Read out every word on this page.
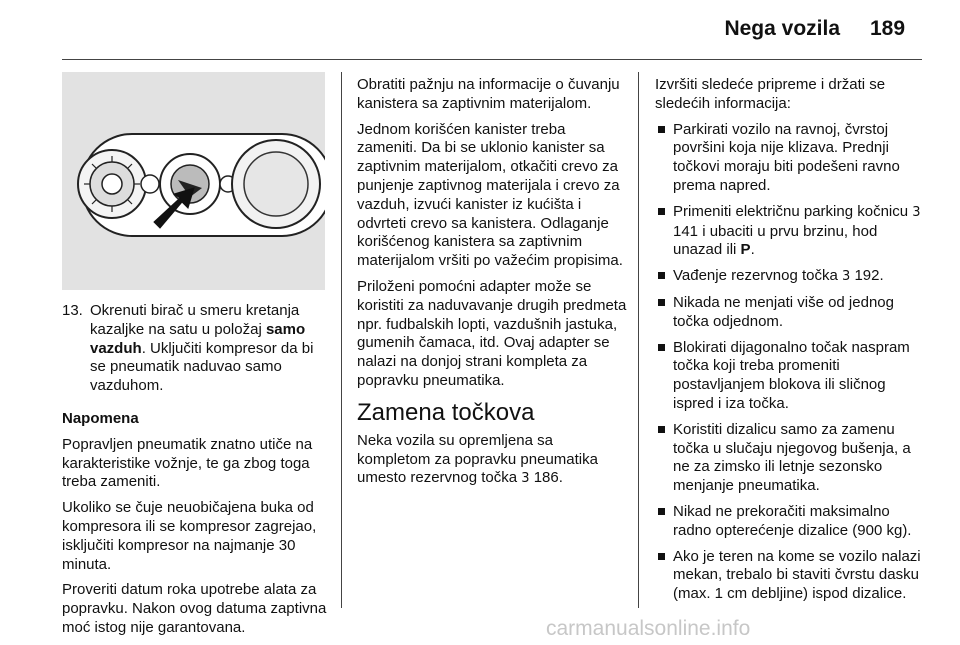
Nega vozila 189
13. Okrenuti birač u smeru kretanja kazaljke na satu u položaj samo vazduh. Uključiti kompresor da bi se pneumatik naduvao samo vazduhom.

Napomena

Popravljen pneumatik znatno utiče na karakteristike vožnje, te ga zbog toga treba zameniti.

Ukoliko se čuje neuobičajena buka od kompresora ili se kompresor zagrejao, isključiti kompresor na najmanje 30 minuta.

Proveriti datum roka upotrebe alata za popravku. Nakon ovog datuma zaptivna moć istog nije garantovana.

Obratiti pažnju na informacije o čuvanju kanistera sa zaptivnim materijalom.

Jednom korišćen kanister treba zameniti. Da bi se uklonio kanister sa zaptivnim materijalom, otkačiti crevo za punjenje zaptivnog materijala i crevo za vazduh, izvući kanister iz kućišta i odvrteti crevo sa kanistera. Odlaganje korišćenog kanistera sa zaptivnim materijalom vršiti po važećim propisima.

Priloženi pomoćni adapter može se koristiti za naduvavanje drugih predmeta npr. fudbalskih lopti, vazdušnih jastuka, gumenih čamaca, itd. Ovaj adapter se nalazi na donjoj strani kompleta za popravku pneumatika.

Zamena točkova

Neka vozila su opremljena sa kompletom za popravku pneumatika umesto rezervnog točka 3 186.

Izvršiti sledeće pripreme i držati se sledećih informacija:

Parkirati vozilo na ravnoj, čvrstoj površini koja nije klizava. Prednji točkovi moraju biti podešeni ravno prema napred.
Primeniti električnu parking kočnicu 3 141 i ubaciti u prvu brzinu, hod unazad ili P.
Vađenje rezervnog točka 3 192.
Nikada ne menjati više od jednog točka odjednom.
Blokirati dijagonalno točak naspram točka koji treba promeniti postavljanjem blokova ili sličnog ispred i iza točka.
Koristiti dizalicu samo za zamenu točka u slučaju njegovog bušenja, a ne za zimsko ili letnje sezonsko menjanje pneumatika.
Nikad ne prekoračiti maksimalno radno opterećenje dizalice (900 kg).
Ako je teren na kome se vozilo nalazi mekan, trebalo bi staviti čvrstu dasku (max. 1 cm debljine) ispod dizalice.
carmanualsonline.info
